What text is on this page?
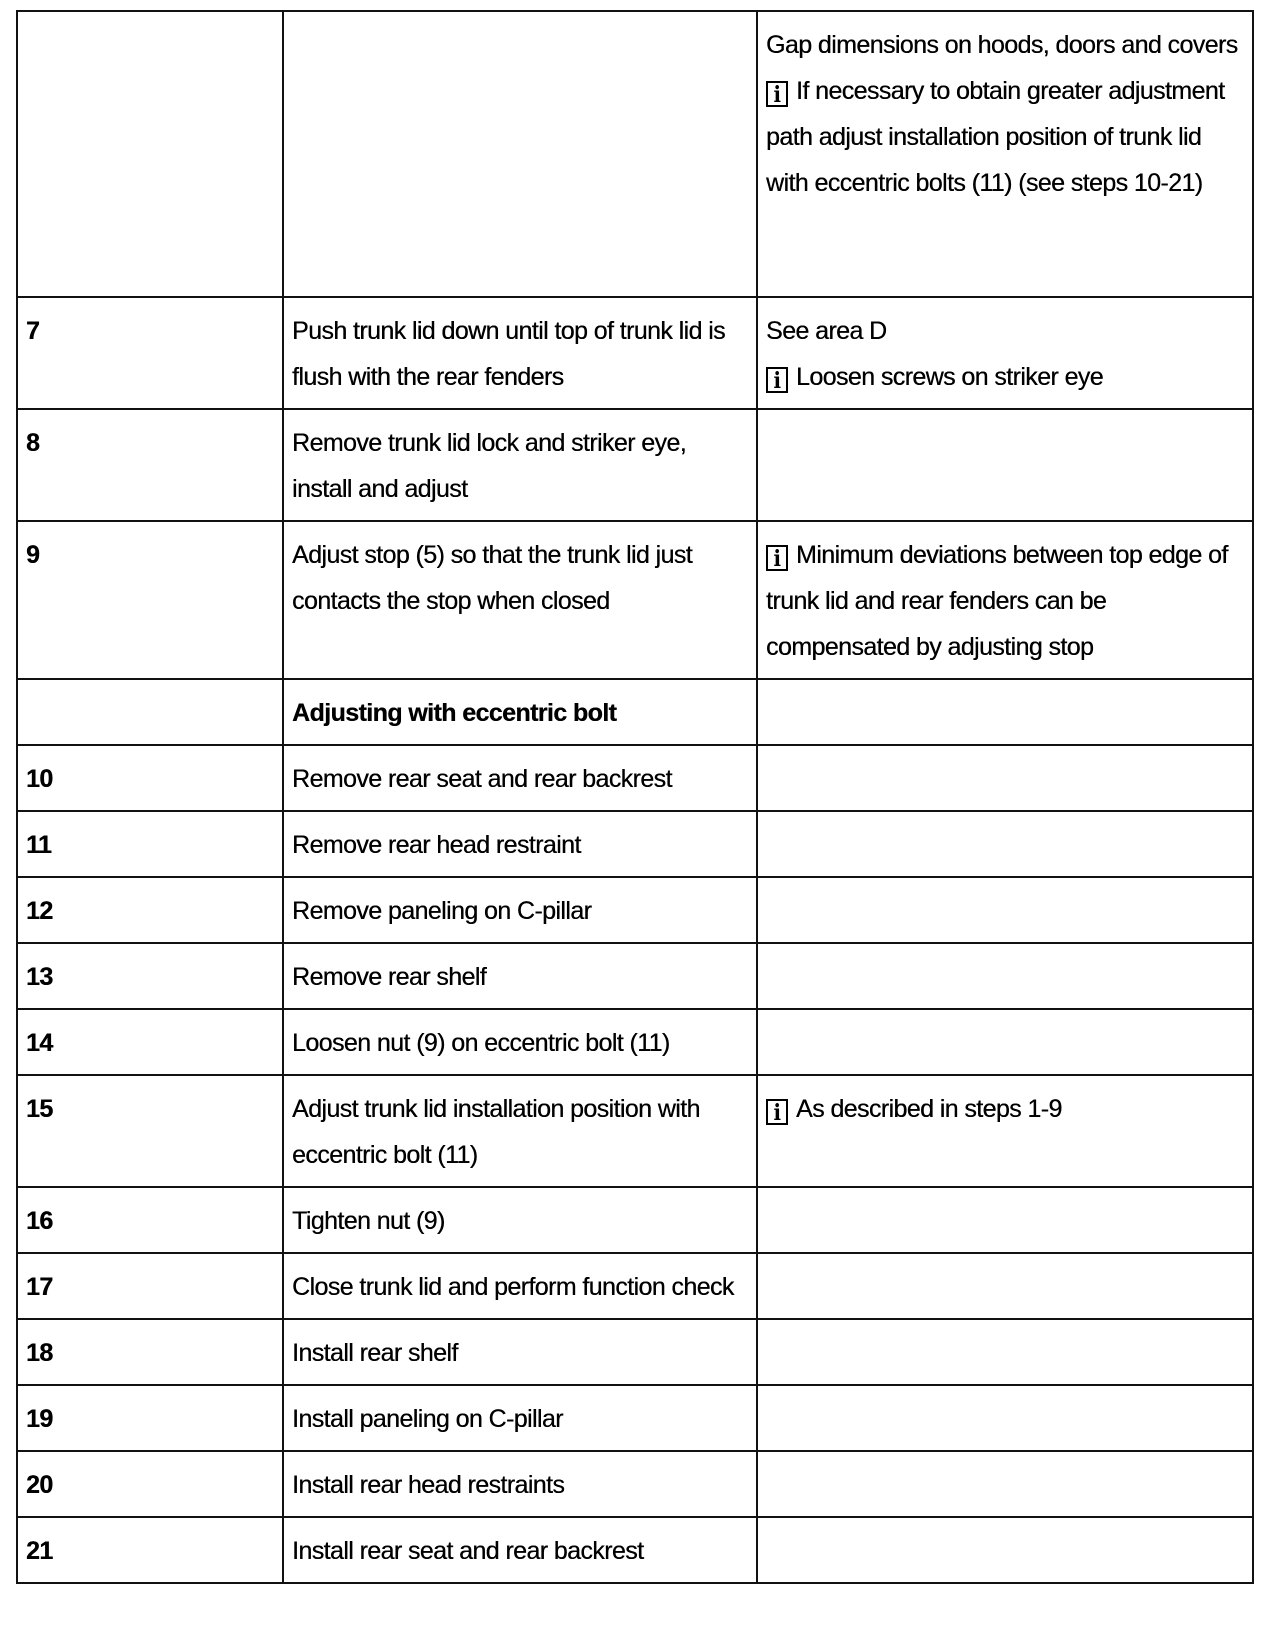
		Gap dimensions on hoods, doors and covers
i If necessary to obtain greater adjustment path adjust installation position of trunk lid with eccentric bolts (11) (see steps 10-21)

7	Push trunk lid down until top of trunk lid is flush with the rear fenders	See area D
i Loosen screws on striker eye

8	Remove trunk lid lock and striker eye, install and adjust	
9	Adjust stop (5) so that the trunk lid just contacts the stop when closed	i Minimum deviations between top edge of trunk lid and rear fenders can be compensated by adjusting stop
	Adjusting with eccentric bolt	
10	Remove rear seat and rear backrest	
11	Remove rear head restraint	
12	Remove paneling on C-pillar	
13	Remove rear shelf	
14	Loosen nut (9) on eccentric bolt (11)	
15	Adjust trunk lid installation position with eccentric bolt (11)	i As described in steps 1-9
16	Tighten nut (9)	
17	Close trunk lid and perform function check	
18	Install rear shelf	
19	Install paneling on C-pillar	
20	Install rear head restraints	
21	Install rear seat and rear backrest	
